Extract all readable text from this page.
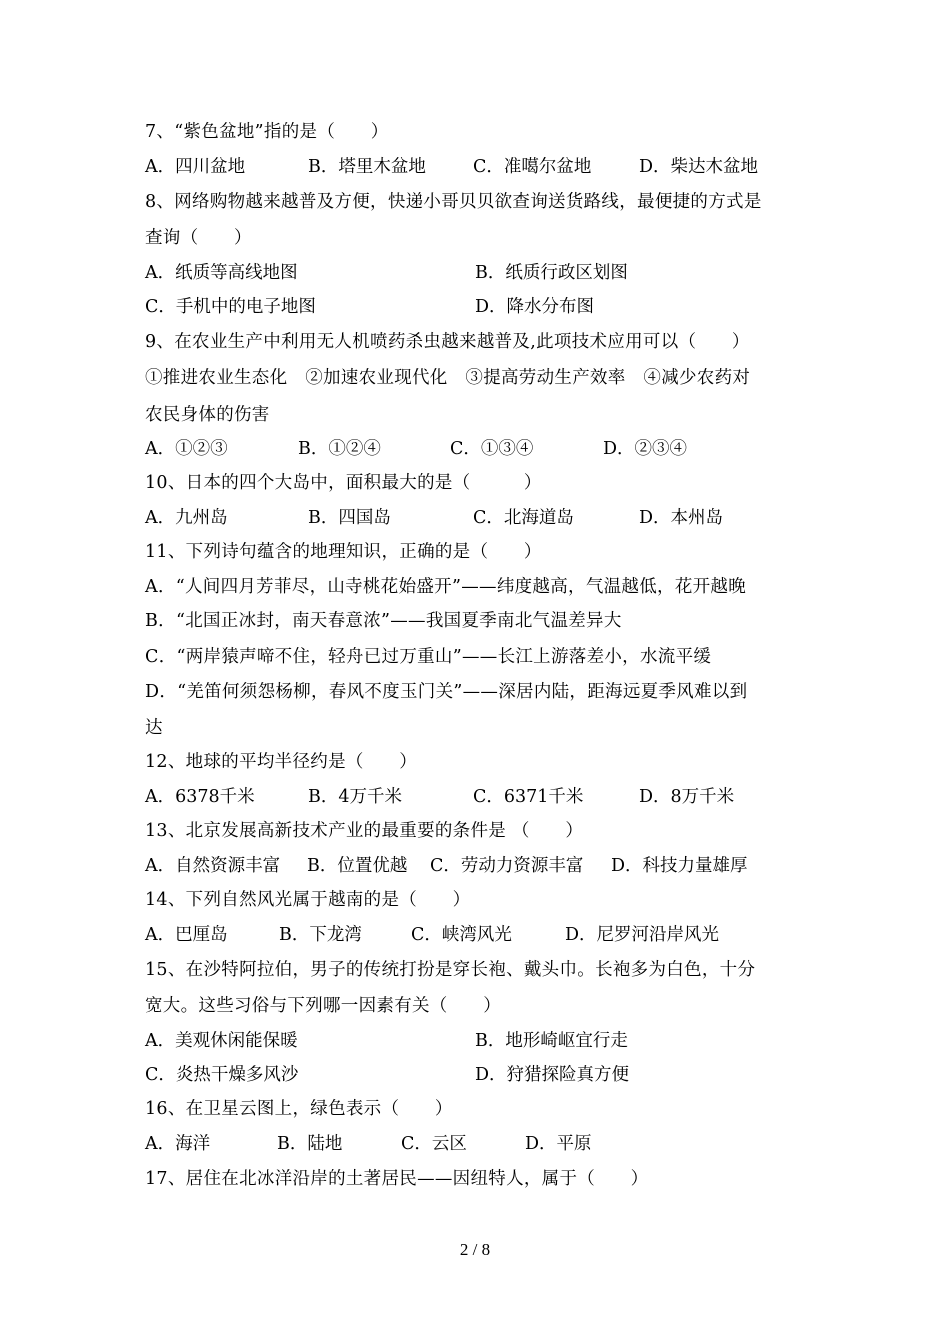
7、“紫色盆地”指的是（　　）

A．四川盆地

	B．塔里木盆地

	C．准噶尔盆地

	D．柴达木盆地

8、网络购物越来越普及方便，快递小哥贝贝欲查询送货路线，最便捷的方式是
查询（　　）

A．纸质等高线地图

	B．纸质行政区划图

C．手机中的电子地图

	D．降水分布图

9、在农业生产中利用无人机喷药杀虫越来越普及,此项技术应用可以（　　）
①推进农业生态化　②加速农业现代化　③提高劳动生产效率　④减少农药对
农民身体的伤害

A．①②③

	B．①②④

	C．①③④

	D．②③④

10、日本的四个大岛中，面积最大的是（　　　）

A．九州岛

	B．四国岛

	C．北海道岛

	D．本州岛

11、下列诗句蕴含的地理知识，正确的是（　　）
A．“人间四月芳菲尽，山寺桃花始盛开”——纬度越高，气温越低，花开越晚
B．“北国正冰封，南天春意浓”——我国夏季南北气温差异大
C．“两岸猿声啼不住，轻舟已过万重山”——长江上游落差小，水流平缓
D．“羌笛何须怨杨柳，春风不度玉门关”——深居内陆，距海远夏季风难以到
达
12、地球的平均半径约是（　　）

A．6378千米

	B．4万千米

	C．6371千米

	D．8万千米

13、北京发展高新技术产业的最重要的条件是 （　　）

A．自然资源丰富

B．位置优越

C．劳动力资源丰富

D．科技力量雄厚

14、下列自然风光属于越南的是（　　）

A．巴厘岛

	B．下龙湾

	C．峡湾风光

	D．尼罗河沿岸风光

15、在沙特阿拉伯，男子的传统打扮是穿长袍、戴头巾。长袍多为白色，十分
宽大。这些习俗与下列哪一因素有关（　　）

A．美观休闲能保暖

	B．地形崎岖宜行走

C．炎热干燥多风沙

	D．狩猎探险真方便

16、在卫星云图上，绿色表示（　　）

A．海洋

	B．陆地

	C．云区

	D．平原

17、居住在北冰洋沿岸的土著居民——因纽特人，属于（　　）
2 / 8
